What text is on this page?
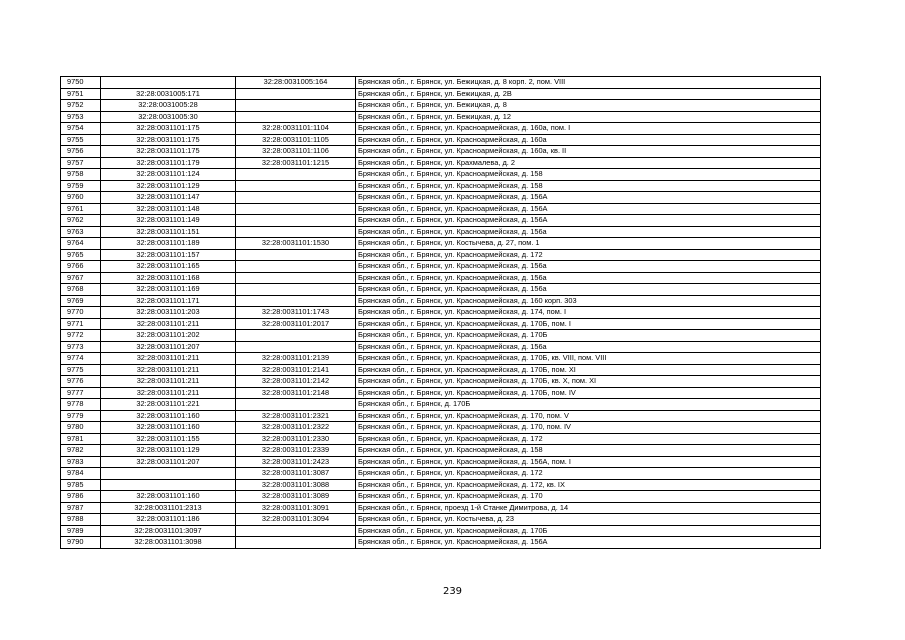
9750		32:28:0031005:164	Брянская обл., г. Брянск, ул. Бежицкая, д. 8 корп. 2, пом. VIII
9751	32:28:0031005:171		Брянская обл., г. Брянск, ул. Бежицкая, д. 2В
9752	32:28:0031005:28		Брянская обл., г. Брянск, ул. Бежицкая, д. 8
9753	32:28:0031005:30		Брянская обл., г. Брянск, ул. Бежицкая, д. 12
9754	32:28:0031101:175	32:28:0031101:1104	Брянская обл., г. Брянск, ул. Красноармейская, д. 160а, пом. I
9755	32:28:0031101:175	32:28:0031101:1105	Брянская обл., г. Брянск, ул. Красноармейская, д. 160а
9756	32:28:0031101:175	32:28:0031101:1106	Брянская обл., г. Брянск, ул. Красноармейская, д. 160а, кв. II
9757	32:28:0031101:179	32:28:0031101:1215	Брянская обл., г. Брянск, ул. Крахмалева, д. 2
9758	32:28:0031101:124		Брянская обл., г. Брянск, ул. Красноармейская, д. 158
9759	32:28:0031101:129		Брянская обл., г. Брянск, ул. Красноармейская, д. 158
9760	32:28:0031101:147		Брянская обл., г. Брянск, ул. Красноармейская, д. 156А
9761	32:28:0031101:148		Брянская обл., г. Брянск, ул. Красноармейская, д. 156А
9762	32:28:0031101:149		Брянская обл., г. Брянск, ул. Красноармейская, д. 156А
9763	32:28:0031101:151		Брянская обл., г. Брянск, ул. Красноармейская, д. 156а
9764	32:28:0031101:189	32:28:0031101:1530	Брянская обл., г. Брянск, ул. Костычева, д. 27, пом. 1
9765	32:28:0031101:157		Брянская обл., г. Брянск, ул. Красноармейская, д. 172
9766	32:28:0031101:165		Брянская обл., г. Брянск, ул. Красноармейская, д. 156а
9767	32:28:0031101:168		Брянская обл., г. Брянск, ул. Красноармейская, д. 156а
9768	32:28:0031101:169		Брянская обл., г. Брянск, ул. Красноармейская, д. 156а
9769	32:28:0031101:171		Брянская обл., г. Брянск, ул. Красноармейская, д. 160 корп. 303
9770	32:28:0031101:203	32:28:0031101:1743	Брянская обл., г. Брянск, ул. Красноармейская, д. 174, пом. I
9771	32:28:0031101:211	32:28:0031101:2017	Брянская обл., г. Брянск, ул. Красноармейская, д. 170Б, пом. I
9772	32:28:0031101:202		Брянская обл., г. Брянск, ул. Красноармейская, д. 170Б
9773	32:28:0031101:207		Брянская обл., г. Брянск, ул. Красноармейская, д. 156а
9774	32:28:0031101:211	32:28:0031101:2139	Брянская обл., г. Брянск, ул. Красноармейская, д. 170Б, кв. VIII, пом. VIII
9775	32:28:0031101:211	32:28:0031101:2141	Брянская обл., г. Брянск, ул. Красноармейская, д. 170Б, пом. XI
9776	32:28:0031101:211	32:28:0031101:2142	Брянская обл., г. Брянск, ул. Красноармейская, д. 170Б, кв. X, пом. XI
9777	32:28:0031101:211	32:28:0031101:2148	Брянская обл., г. Брянск, ул. Красноармейская, д. 170Б, пом. IV
9778	32:28:0031101:221		Брянская обл., г. Брянск, д. 170Б
9779	32:28:0031101:160	32:28:0031101:2321	Брянская обл., г. Брянск, ул. Красноармейская, д. 170, пом. V
9780	32:28:0031101:160	32:28:0031101:2322	Брянская обл., г. Брянск, ул. Красноармейская, д. 170, пом. IV
9781	32:28:0031101:155	32:28:0031101:2330	Брянская обл., г. Брянск, ул. Красноармейская, д. 172
9782	32:28:0031101:129	32:28:0031101:2339	Брянская обл., г. Брянск, ул. Красноармейская, д. 158
9783	32:28:0031101:207	32:28:0031101:2423	Брянская обл., г. Брянск, ул. Красноармейская, д. 156А, пом. I
9784		32:28:0031101:3087	Брянская обл., г. Брянск, ул. Красноармейская, д. 172
9785		32:28:0031101:3088	Брянская обл., г. Брянск, ул. Красноармейская, д. 172, кв. IX
9786	32:28:0031101:160	32:28:0031101:3089	Брянская обл., г. Брянск, ул. Красноармейская, д. 170
9787	32:28:0031101:2313	32:28:0031101:3091	Брянская обл., г. Брянск, проезд 1-й Станке Димитрова, д. 14
9788	32:28:0031101:186	32:28:0031101:3094	Брянская обл., г. Брянск, ул. Костычева, д. 23
9789	32:28:0031101:3097		Брянская обл., г. Брянск, ул. Красноармейская, д. 170Б
9790	32:28:0031101:3098		Брянская обл., г. Брянск, ул. Красноармейская, д. 156А
239
